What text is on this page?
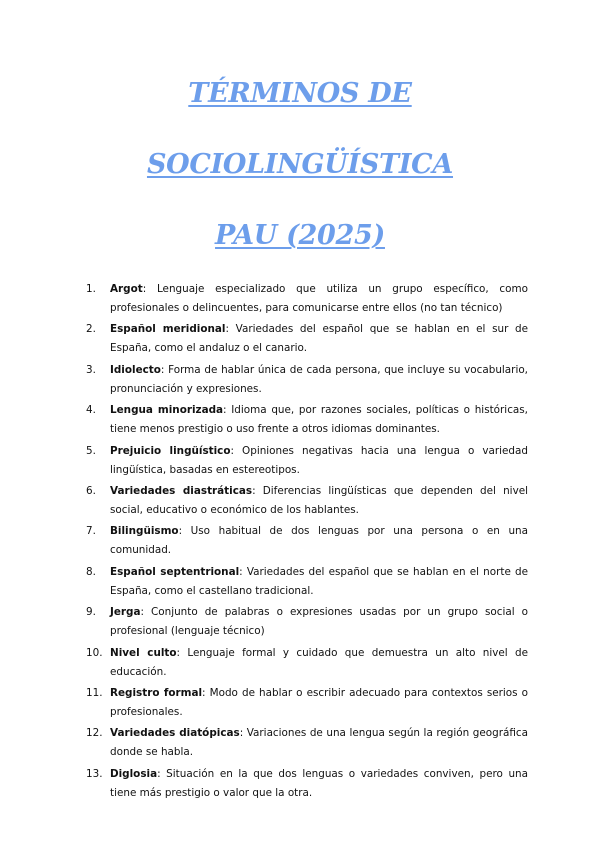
TÉRMINOS DE
SOCIOLINGÜÍSTICA
PAU (2025)
1.	Argot: Lenguaje especializado que utiliza un grupo específico, como profesionales o delincuentes, para comunicarse entre ellos (no tan técnico)
2.	Español meridional: Variedades del español que se hablan en el sur de España, como el andaluz o el canario.
3.	Idiolecto: Forma de hablar única de cada persona, que incluye su vocabulario, pronunciación y expresiones.
4.	Lengua minorizada: Idioma que, por razones sociales, políticas o históricas, tiene menos prestigio o uso frente a otros idiomas dominantes.
5.	Prejuicio lingüístico: Opiniones negativas hacia una lengua o variedad lingüística, basadas en estereotipos.
6.	Variedades diastráticas: Diferencias lingüísticas que dependen del nivel social, educativo o económico de los hablantes.
7.	Bilingüismo: Uso habitual de dos lenguas por una persona o en una comunidad.
8.	Español septentrional: Variedades del español que se hablan en el norte de España, como el castellano tradicional.
9.	Jerga: Conjunto de palabras o expresiones usadas por un grupo social o profesional (lenguaje técnico)
10. Nivel culto: Lenguaje formal y cuidado que demuestra un alto nivel de educación.
11. Registro formal: Modo de hablar o escribir adecuado para contextos serios o profesionales.
12. Variedades diatópicas: Variaciones de una lengua según la región geográfica donde se habla.
13. Diglosia: Situación en la que dos lenguas o variedades conviven, pero una tiene más prestigio o valor que la otra.
